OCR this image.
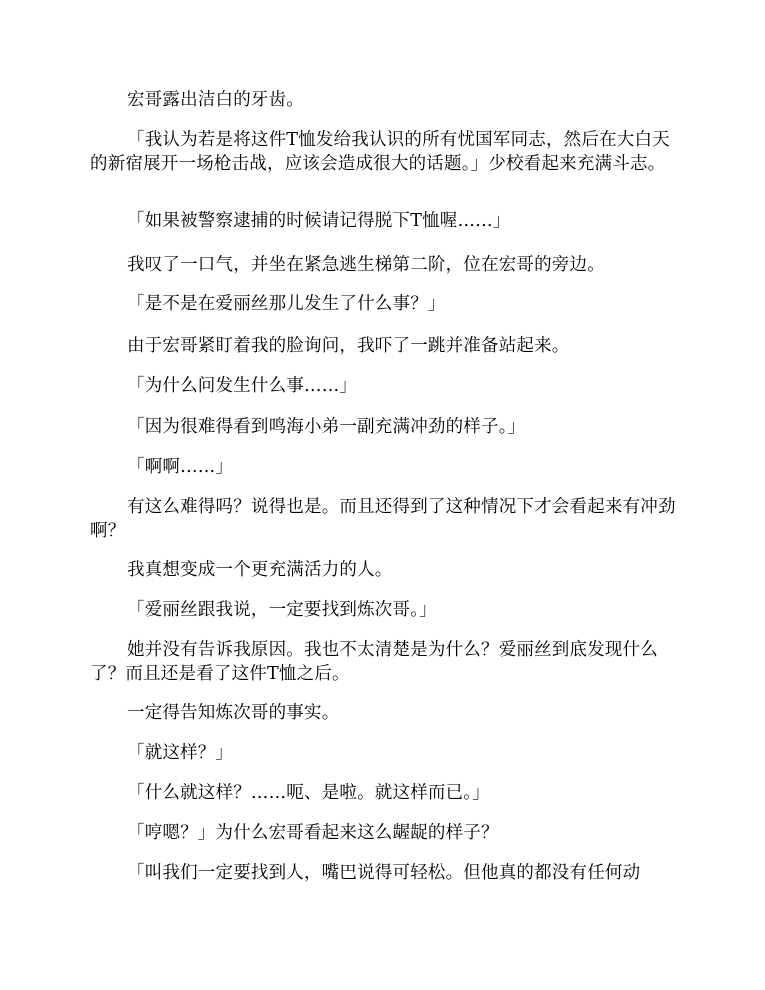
宏哥露出洁白的牙齿。

「我认为若是将这件T恤发给我认识的所有忧国军同志，然后在大白天的新宿展开一场枪击战，应该会造成很大的话题。」少校看起来充满斗志。

「如果被警察逮捕的时候请记得脱下T恤喔……」

我叹了一口气，并坐在紧急逃生梯第二阶，位在宏哥的旁边。

「是不是在爱丽丝那儿发生了什么事？」

由于宏哥紧盯着我的脸询问，我吓了一跳并准备站起来。

「为什么问发生什么事……」

「因为很难得看到鸣海小弟一副充满冲劲的样子。」

「啊啊……」

有这么难得吗？说得也是。而且还得到了这种情况下才会看起来有冲劲啊？

我真想变成一个更充满活力的人。

「爱丽丝跟我说，一定要找到炼次哥。」

她并没有告诉我原因。我也不太清楚是为什么？爱丽丝到底发现什么了？而且还是看了这件T恤之后。

一定得告知炼次哥的事实。

「就这样？」

「什么就这样？……呃、是啦。就这样而已。」

「哼嗯？」为什么宏哥看起来这么龌龊的样子？

「叫我们一定要找到人，嘴巴说得可轻松。但他真的都没有任何动
